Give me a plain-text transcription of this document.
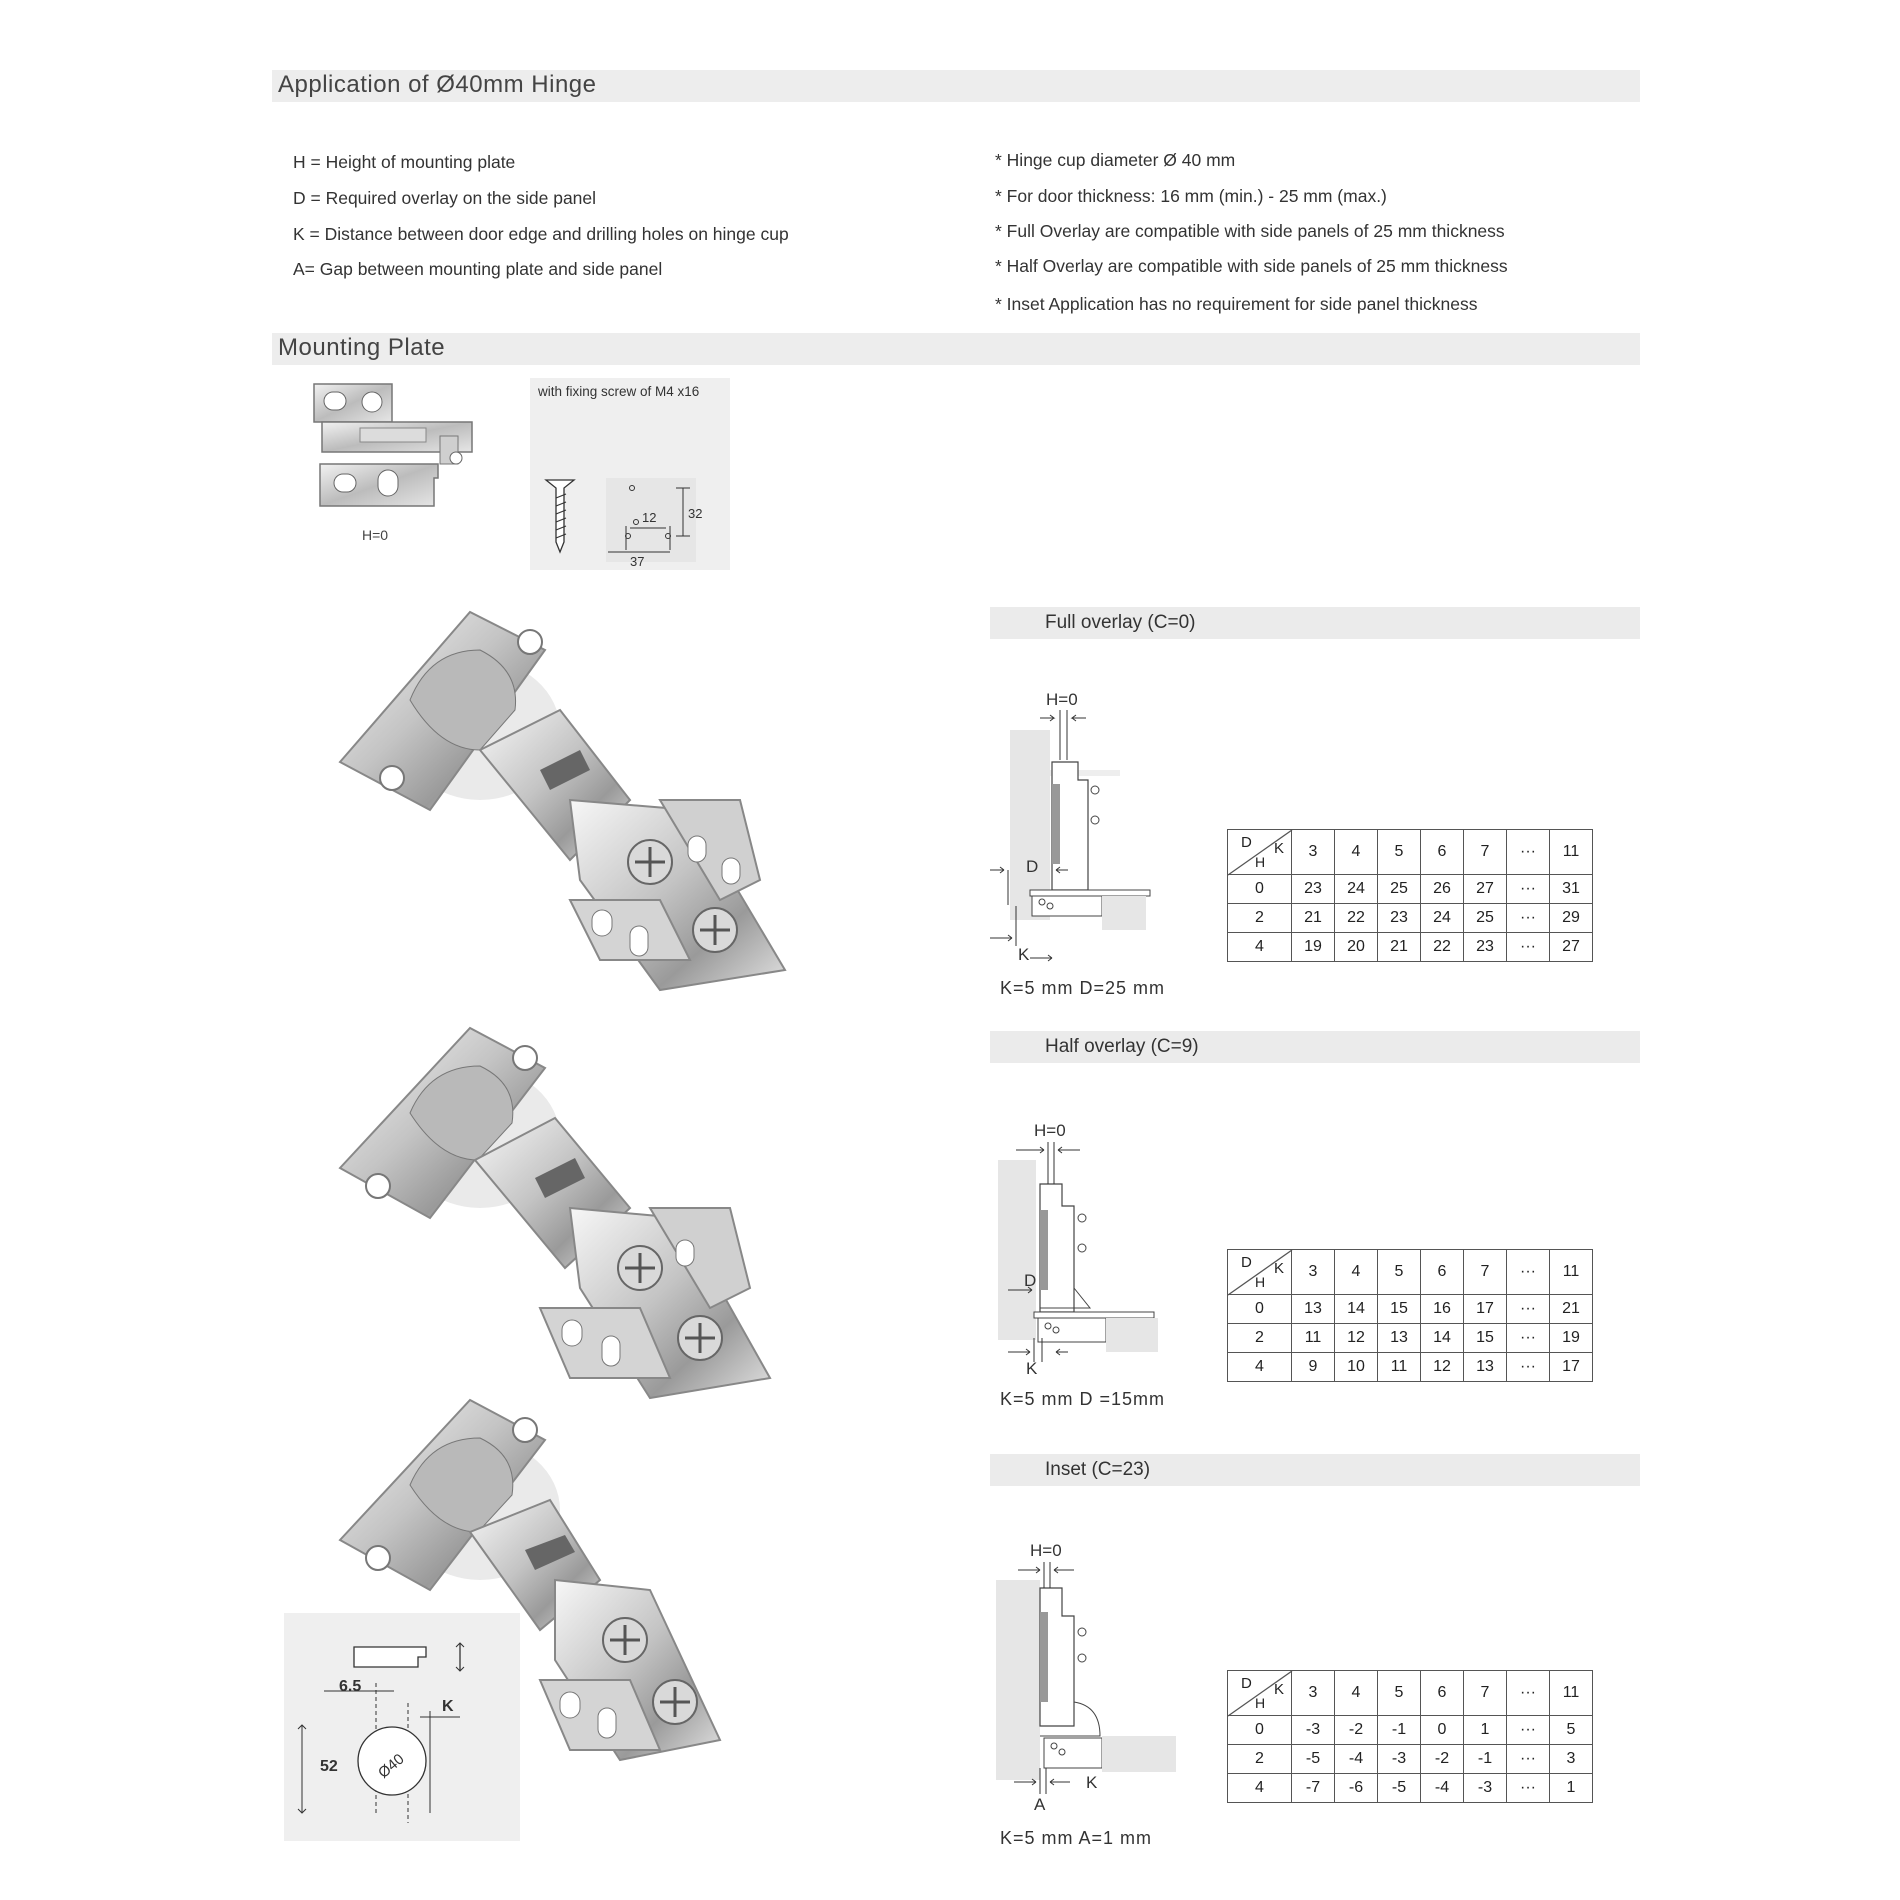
Application of Ø40mm Hinge
H = Height of mounting plate
D = Required overlay on the side panel
K = Distance between door edge and drilling holes on hinge cup
A= Gap between mounting plate and side panel
* Hinge cup diameter Ø 40 mm
* For door thickness: 16 mm (min.) - 25 mm (max.)
* Full Overlay are compatible with side panels of 25 mm thickness
* Half Overlay are compatible with side panels of 25 mm thickness
* Inset Application has no requirement for side panel thickness
Mounting Plate
H=0
with fixing screw of M4 x16
12 32
37
6.5
K
52 Ø40
Full overlay (C=0)
H=0
D
K
K=5 mm D=25 mm
D K
H	3	4	5	6	7	···	11
0	23	24	25	26	27	···	31
2	21	22	23	24	25	···	29
4	19	20	21	22	23	···	27
Half overlay (C=9)
H=0
D
K
K=5 mm D =15mm
D K
H	3	4	5	6	7	···	11
0	13	14	15	16	17	···	21
2	11	12	13	14	15	···	19
4	9	10	11	12	13	···	17
Inset (C=23)
H=0
K
A
K=5 mm A=1 mm
D K
H	3	4	5	6	7	···	11
0	-3	-2	-1	0	1	···	5
2	-5	-4	-3	-2	-1	···	3
4	-7	-6	-5	-4	-3	···	1
